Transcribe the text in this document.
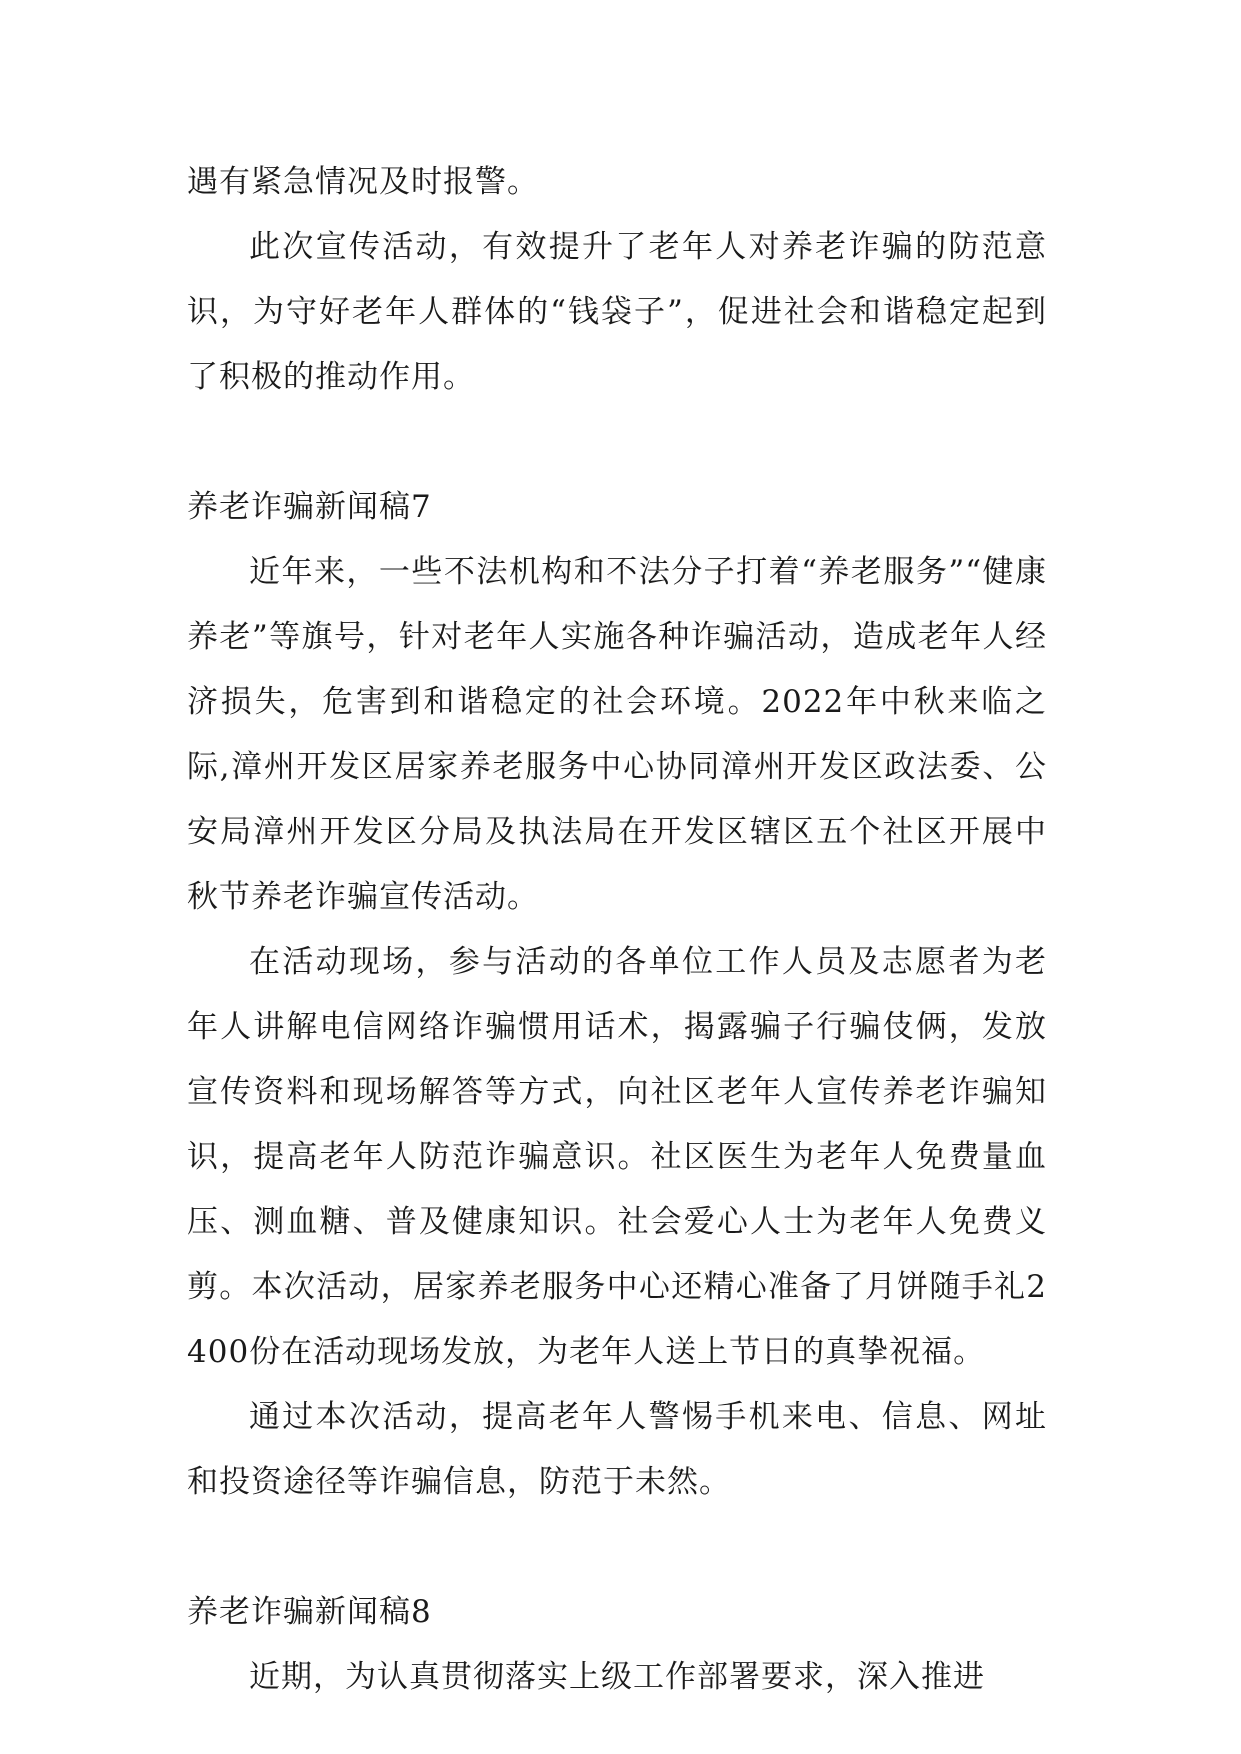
遇有紧急情况及时报警。

此次宣传活动，有效提升了老年人对养老诈骗的防范意识，为守好老年人群体的“钱袋子”，促进社会和谐稳定起到了积极的推动作用。

养老诈骗新闻稿7

近年来，一些不法机构和不法分子打着“养老服务”“健康养老”等旗号，针对老年人实施各种诈骗活动，造成老年人经济损失，危害到和谐稳定的社会环境。2022年中秋来临之际,漳州开发区居家养老服务中心协同漳州开发区政法委、公安局漳州开发区分局及执法局在开发区辖区五个社区开展中秋节养老诈骗宣传活动。

在活动现场，参与活动的各单位工作人员及志愿者为老年人讲解电信网络诈骗惯用话术，揭露骗子行骗伎俩，发放宣传资料和现场解答等方式，向社区老年人宣传养老诈骗知识，提高老年人防范诈骗意识。社区医生为老年人免费量血压、测血糖、普及健康知识。社会爱心人士为老年人免费义剪。本次活动，居家养老服务中心还精心准备了月饼随手礼2400份在活动现场发放，为老年人送上节日的真挚祝福。

通过本次活动，提高老年人警惕手机来电、信息、网址和投资途径等诈骗信息，防范于未然。

养老诈骗新闻稿8

近期，为认真贯彻落实上级工作部署要求，深入推进
